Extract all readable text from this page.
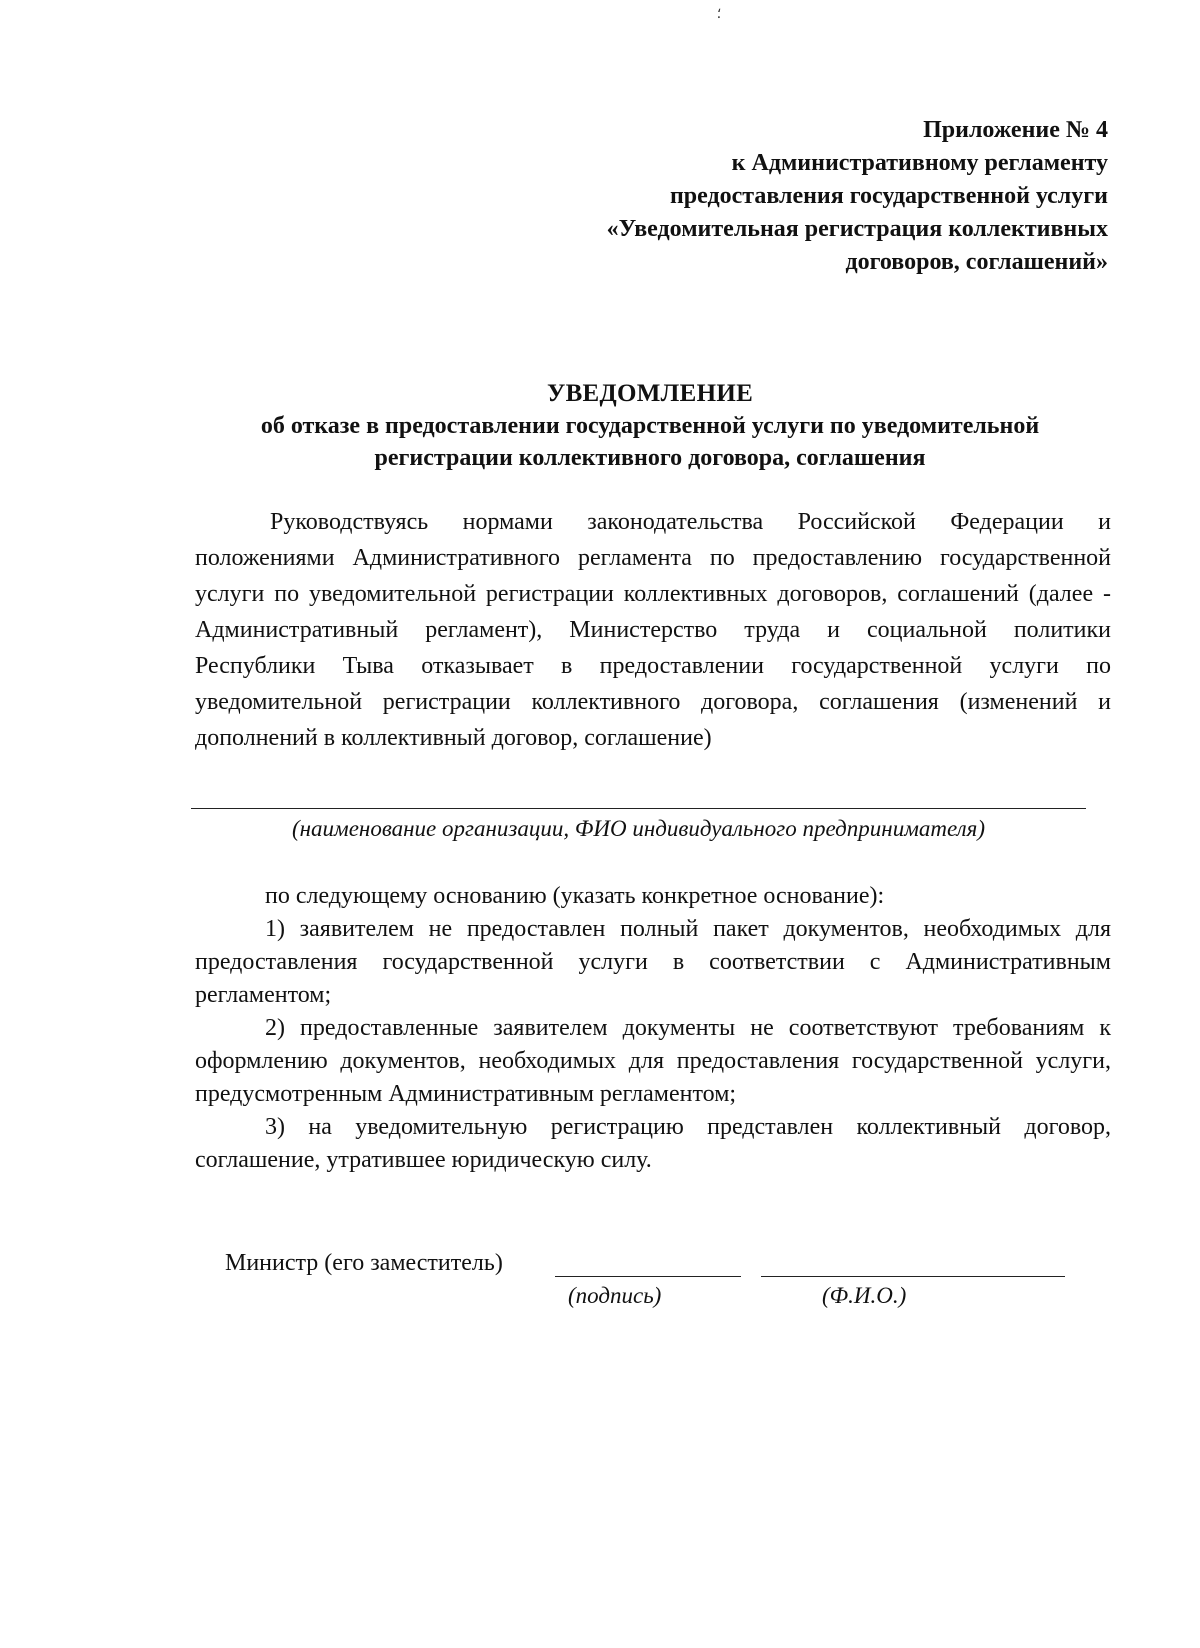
⸵
Приложение № 4
к Административному регламенту
предоставления государственной услуги
«Уведомительная регистрация коллективных
договоров, соглашений»
УВЕДОМЛЕНИЕ
об отказе в предоставлении государственной услуги по уведомительной
регистрации коллективного договора, соглашения
Руководствуясь нормами законодательства Российской Федерации и положениями Административного регламента по предоставлению государственной услуги по уведомительной регистрации коллективных договоров, соглашений (далее - Административный регламент), Министерство труда и социальной политики Республики Тыва отказывает в предоставлении государственной услуги по уведомительной регистрации коллективного договора, соглашения (изменений и дополнений в коллективный договор, соглашение)
(наименование организации, ФИО индивидуального предпринимателя)

по следующему основанию (указать конкретное основание):

1) заявителем не предоставлен полный пакет документов, необходимых для предоставления государственной услуги в соответствии с Административным регламентом;

2) предоставленные заявителем документы не соответствуют требованиям к оформлению документов, необходимых для предоставления государственной услуги, предусмотренным Административным регламентом;

3) на уведомительную регистрацию представлен коллективный договор, соглашение, утратившее юридическую силу.

Министр (его заместитель)
(подпись)	(Ф.И.О.)
